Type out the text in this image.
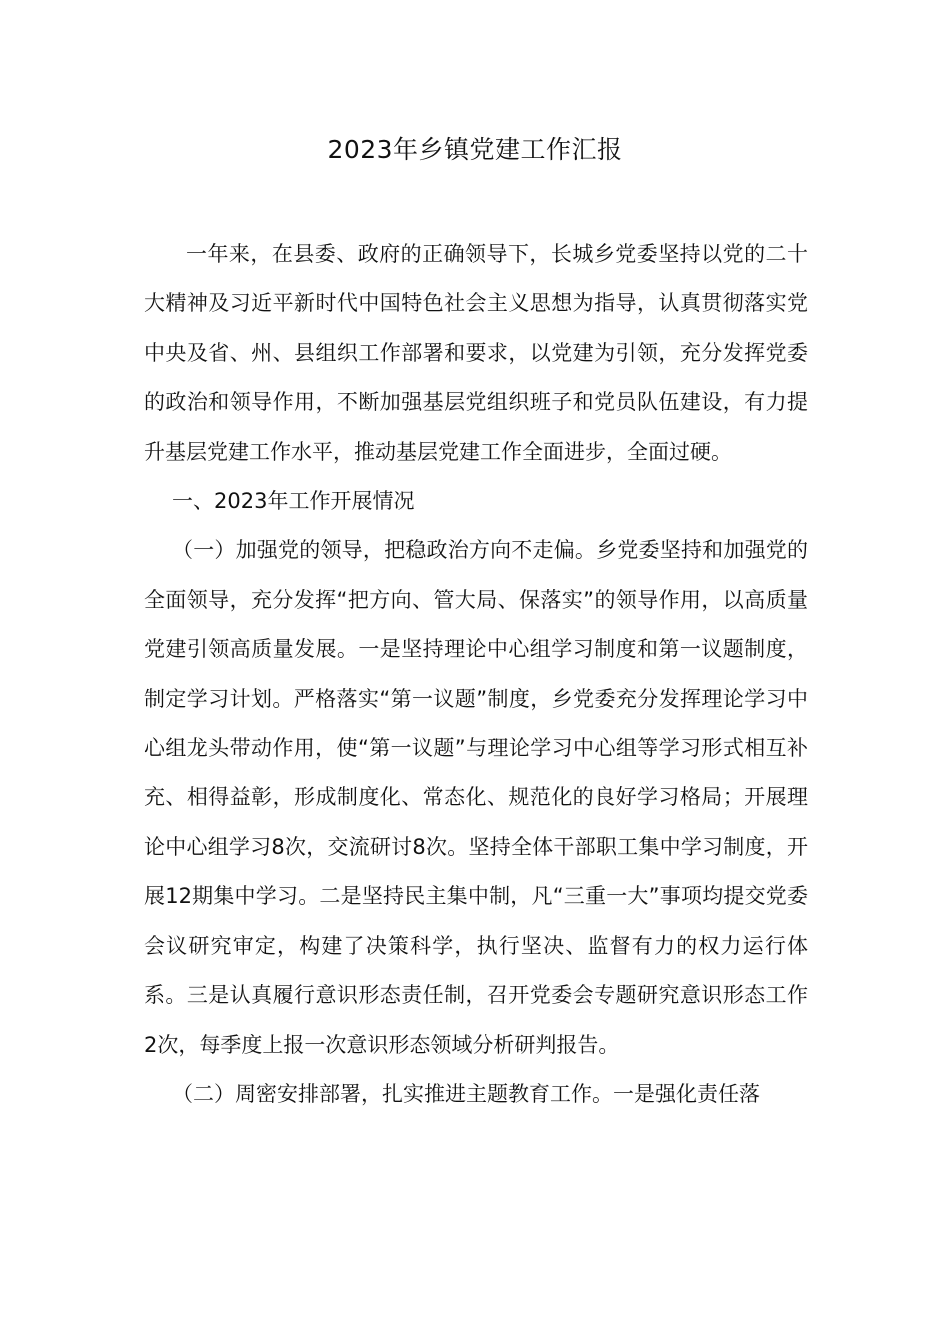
2023年乡镇党建工作汇报

一年来，在县委、政府的正确领导下，长城乡党委坚持以党的二十大精神及习近平新时代中国特色社会主义思想为指导，认真贯彻落实党中央及省、州、县组织工作部署和要求，以党建为引领，充分发挥党委的政治和领导作用，不断加强基层党组织班子和党员队伍建设，有力提升基层党建工作水平，推动基层党建工作全面进步，全面过硬。

一、2023年工作开展情况

（一）加强党的领导，把稳政治方向不走偏。乡党委坚持和加强党的全面领导，充分发挥“把方向、管大局、保落实”的领导作用，以高质量党建引领高质量发展。一是坚持理论中心组学习制度和第一议题制度，制定学习计划。严格落实“第一议题”制度，乡党委充分发挥理论学习中心组龙头带动作用，使“第一议题”与理论学习中心组等学习形式相互补充、相得益彰，形成制度化、常态化、规范化的良好学习格局；开展理论中心组学习8次，交流研讨8次。坚持全体干部职工集中学习制度，开展12期集中学习。二是坚持民主集中制，凡“三重一大”事项均提交党委会议研究审定，构建了决策科学，执行坚决、监督有力的权力运行体系。三是认真履行意识形态责任制，召开党委会专题研究意识形态工作2次，每季度上报一次意识形态领域分析研判报告。

（二）周密安排部署，扎实推进主题教育工作。一是强化责任落
